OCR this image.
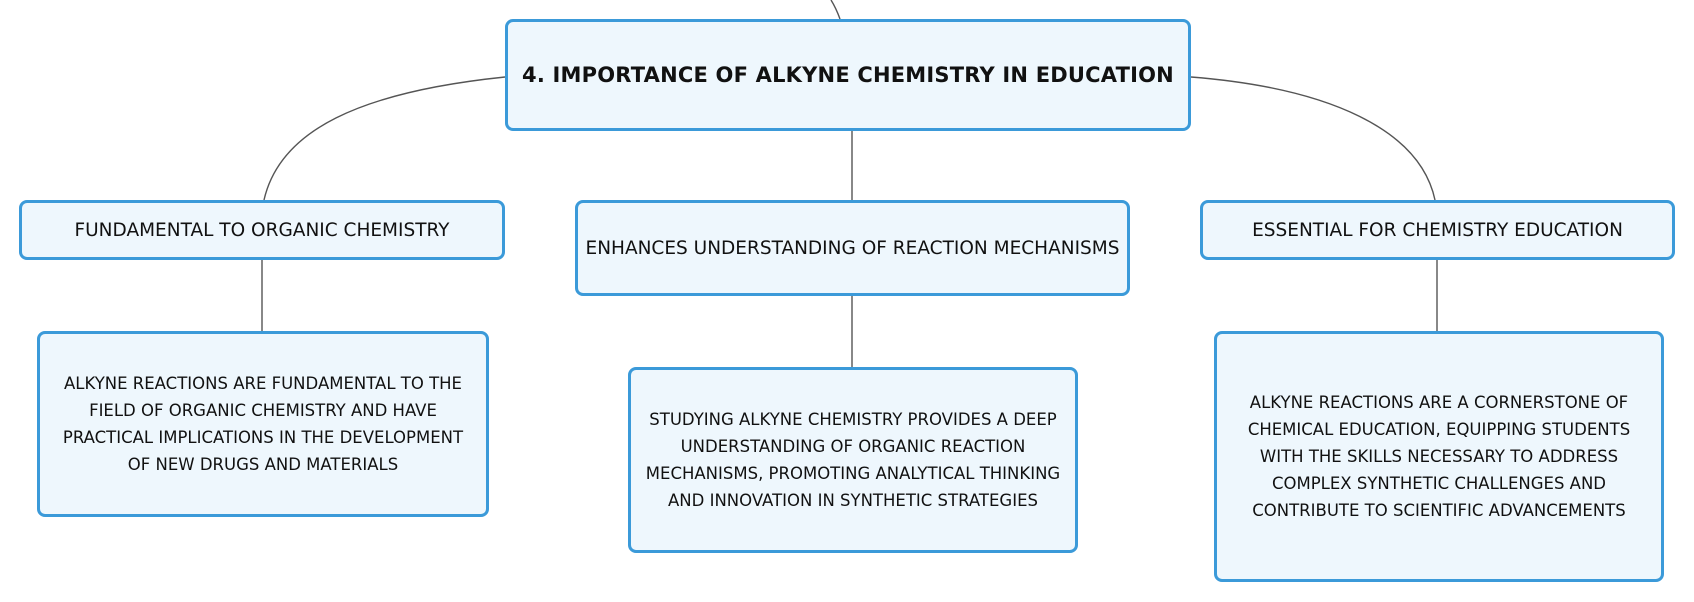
4. IMPORTANCE OF ALKYNE CHEMISTRY IN EDUCATION
FUNDAMENTAL TO ORGANIC CHEMISTRY
ENHANCES UNDERSTANDING OF REACTION MECHANISMS
ESSENTIAL FOR CHEMISTRY EDUCATION
ALKYNE REACTIONS ARE FUNDAMENTAL TO THE
FIELD OF ORGANIC CHEMISTRY AND HAVE
PRACTICAL IMPLICATIONS IN THE DEVELOPMENT
OF NEW DRUGS AND MATERIALS
STUDYING ALKYNE CHEMISTRY PROVIDES A DEEP
UNDERSTANDING OF ORGANIC REACTION
MECHANISMS, PROMOTING ANALYTICAL THINKING
AND INNOVATION IN SYNTHETIC STRATEGIES
ALKYNE REACTIONS ARE A CORNERSTONE OF
CHEMICAL EDUCATION, EQUIPPING STUDENTS
WITH THE SKILLS NECESSARY TO ADDRESS
COMPLEX SYNTHETIC CHALLENGES AND
CONTRIBUTE TO SCIENTIFIC ADVANCEMENTS
